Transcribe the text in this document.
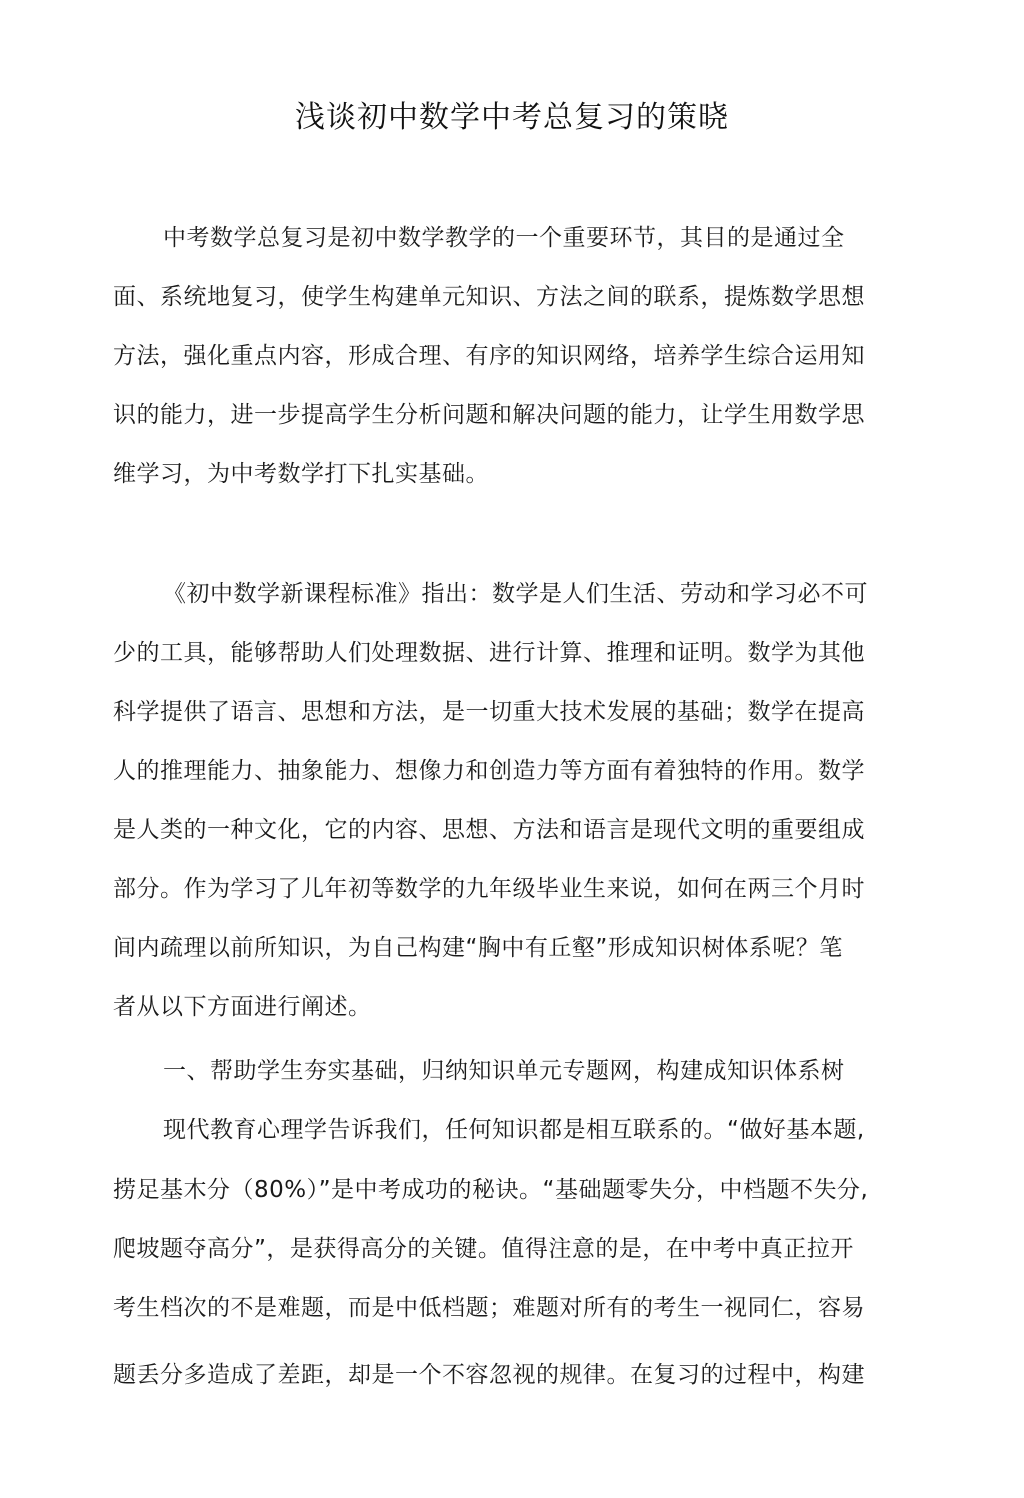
浅谈初中数学中考总复习的策晓

中考数学总复习是初中数学教学的一个重要环节，其目的是通过全

面、系统地复习，使学生构建单元知识、方法之间的联系，提炼数学思想

方法，强化重点内容，形成合理、有序的知识网络，培养学生综合运用知

识的能力，进一步提高学生分析问题和解决问题的能力，让学生用数学思

维学习，为中考数学打下扎实基础。

《初中数学新课程标准》指出：数学是人们生活、劳动和学习必不可

少的工具，能够帮助人们处理数据、进行计算、推理和证明。数学为其他

科学提供了语言、思想和方法，是一切重大技术发展的基础；数学在提高

人的推理能力、抽象能力、想像力和创造力等方面有着独特的作用。数学

是人类的一种文化，它的内容、思想、方法和语言是现代文明的重要组成

部分。作为学习了儿年初等数学的九年级毕业生来说，如何在两三个月时

间内疏理以前所知识，为自己构建“胸中有丘壑”形成知识树体系呢？笔

者从以下方面进行阐述。

一、帮助学生夯实基础，归纳知识单元专题网，构建成知识体系树

现代教育心理学告诉我们，任何知识都是相互联系的。“做好基本题,

捞足基木分（80%）”是中考成功的秘诀。“基础题零失分，中档题不失分,

爬坡题夺高分”，是获得高分的关键。值得注意的是，在中考中真正拉开

考生档次的不是难题，而是中低档题；难题对所有的考生一视同仁，容易

题丢分多造成了差距，却是一个不容忽视的规律。在复习的过程中，构建
